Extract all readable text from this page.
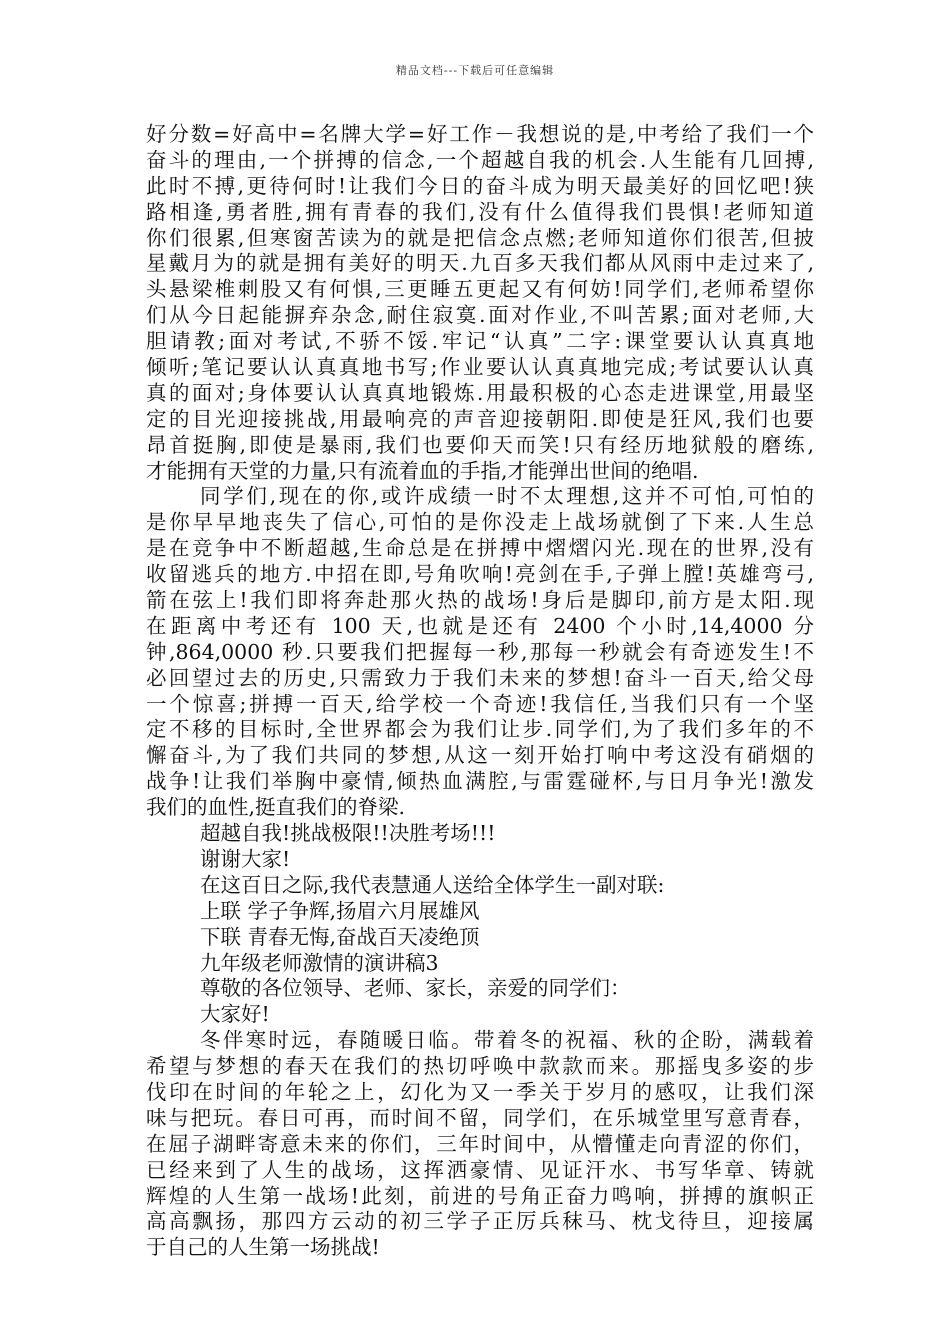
精品文档---下载后可任意编辑
好分数=好高中=名牌大学=好工作－我想说的是,中考给了我们一个
奋斗的理由,一个拼搏的信念,一个超越自我的机会.人生能有几回搏,
此时不搏,更待何时!让我们今日的奋斗成为明天最美好的回忆吧!狭
路相逢,勇者胜,拥有青春的我们,没有什么值得我们畏惧!老师知道
你们很累,但寒窗苦读为的就是把信念点燃;老师知道你们很苦,但披
星戴月为的就是拥有美好的明天.九百多天我们都从风雨中走过来了,
头悬梁椎刺股又有何惧,三更睡五更起又有何妨!同学们,老师希望你
们从今日起能摒弃杂念,耐住寂寞.面对作业,不叫苦累;面对老师,大
胆请教;面对考试,不骄不馁.牢记“认真”二字:课堂要认认真真地
倾听;笔记要认认真真地书写;作业要认认真真地完成;考试要认认真
真的面对;身体要认认真真地锻炼.用最积极的心态走进课堂,用最坚
定的目光迎接挑战,用最响亮的声音迎接朝阳.即使是狂风,我们也要
昂首挺胸,即使是暴雨,我们也要仰天而笑!只有经历地狱般的磨练,
才能拥有天堂的力量,只有流着血的手指,才能弹出世间的绝唱.
同学们,现在的你,或许成绩一时不太理想,这并不可怕,可怕的
是你早早地丧失了信心,可怕的是你没走上战场就倒了下来.人生总
是在竞争中不断超越,生命总是在拼搏中熠熠闪光.现在的世界,没有
收留逃兵的地方.中招在即,号角吹响!亮剑在手,子弹上膛!英雄弯弓,
箭在弦上!我们即将奔赴那火热的战场!身后是脚印,前方是太阳.现
在距离中考还有 100 天,也就是还有 2400 个小时,14,4000 分
钟,864,0000 秒.只要我们把握每一秒,那每一秒就会有奇迹发生!不
必回望过去的历史,只需致力于我们未来的梦想!奋斗一百天,给父母
一个惊喜;拼搏一百天,给学校一个奇迹!我信任,当我们只有一个坚
定不移的目标时,全世界都会为我们让步.同学们,为了我们多年的不
懈奋斗,为了我们共同的梦想,从这一刻开始打响中考这没有硝烟的
战争!让我们举胸中豪情,倾热血满腔,与雷霆碰杯,与日月争光!激发
我们的血性,挺直我们的脊梁.
超越自我!挑战极限!!决胜考场!!!
谢谢大家!
在这百日之际,我代表慧通人送给全体学生一副对联:
上联 学子争辉,扬眉六月展雄风
下联 青春无悔,奋战百天凌绝顶
九年级老师激情的演讲稿3
尊敬的各位领导、老师、家长，亲爱的同学们：
大家好!
冬伴寒时远，春随暖日临。带着冬的祝福、秋的企盼，满载着
希望与梦想的春天在我们的热切呼唤中款款而来。那摇曳多姿的步
伐印在时间的年轮之上，幻化为又一季关于岁月的感叹，让我们深
味与把玩。春日可再，而时间不留，同学们，在乐城堂里写意青春，
在屈子湖畔寄意未来的你们，三年时间中，从懵懂走向青涩的你们，
已经来到了人生的战场，这挥洒豪情、见证汗水、书写华章、铸就
辉煌的人生第一战场!此刻，前进的号角正奋力鸣响，拼搏的旗帜正
高高飘扬，那四方云动的初三学子正厉兵秣马、枕戈待旦，迎接属
于自己的人生第一场挑战!
